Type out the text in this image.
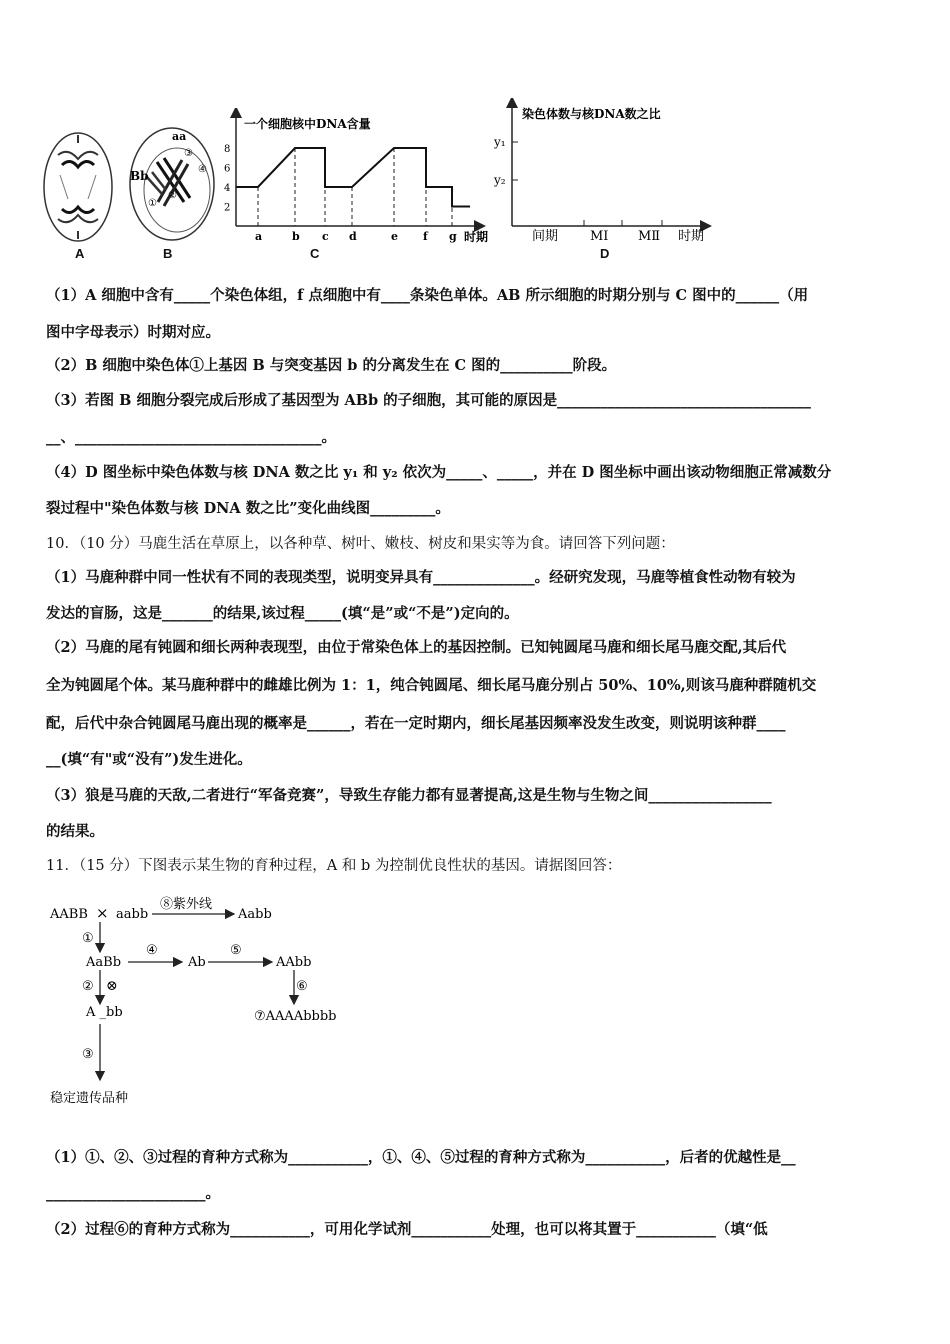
A
Bb
aa
①
②
③
④
B
一个细胞核中DNA含量
8
6
4
2
a	b c d	e f g 时期
C
染色体数与核DNA数之比
y₁
y₂
间期 MⅠ MⅡ 时期
D
（1）A 细胞中含有_____个染色体组，f 点细胞中有____条染色单体。AB 所示细胞的时期分别与 C 图中的______（用
图中字母表示）时期对应。
（2）B 细胞中染色体①上基因 B 与突变基因 b 的分离发生在 C 图的__________阶段。
（3）若图 B 细胞分裂完成后形成了基因型为 ABb 的子细胞，其可能的原因是___________________________________
__、__________________________________。
（4）D 图坐标中染色体数与核 DNA 数之比 y₁ 和 y₂ 依次为_____、_____，并在 D 图坐标中画出该动物细胞正常减数分
裂过程中"染色体数与核 DNA 数之比”变化曲线图_________。
10．（10 分）马鹿生活在草原上，以各种草、树叶、嫩枝、树皮和果实等为食。请回答下列问题：
（1）马鹿种群中同一性状有不同的表现类型，说明变异具有______________。经研究发现，马鹿等植食性动物有较为
发达的盲肠，这是_______的结果,该过程_____(填“是”或“不是”)定向的。
（2）马鹿的尾有钝圆和细长两种表现型，由位于常染色体上的基因控制。已知钝圆尾马鹿和细长尾马鹿交配,其后代
全为钝圆尾个体。某马鹿种群中的雌雄比例为 1：1，纯合钝圆尾、细长尾马鹿分别占 50%、10%,则该马鹿种群随机交
配，后代中杂合钝圆尾马鹿出现的概率是______，若在一定时期内，细长尾基因频率没发生改变，则说明该种群____
__(填“有"或“没有”)发生进化。
（3）狼是马鹿的天敌,二者进行“军备竞赛”，导致生存能力都有显著提高,这是生物与生物之间_________________
的结果。
11．（15 分）下图表示某生物的育种过程，A 和 b 为控制优良性状的基因。请据图回答：
AABB × aabb
⑧紫外线
Aabb
①
AaBb
④
Ab
⑤
AAbb
② ⊗	⑥
A _bb	⑦AAAAbbbb
③
稳定遗传品种
（1）①、②、③过程的育种方式称为___________，①、④、⑤过程的育种方式称为___________，后者的优越性是__
______________________。
（2）过程⑥的育种方式称为___________，可用化学试剂___________处理，也可以将其置于___________（填“低
